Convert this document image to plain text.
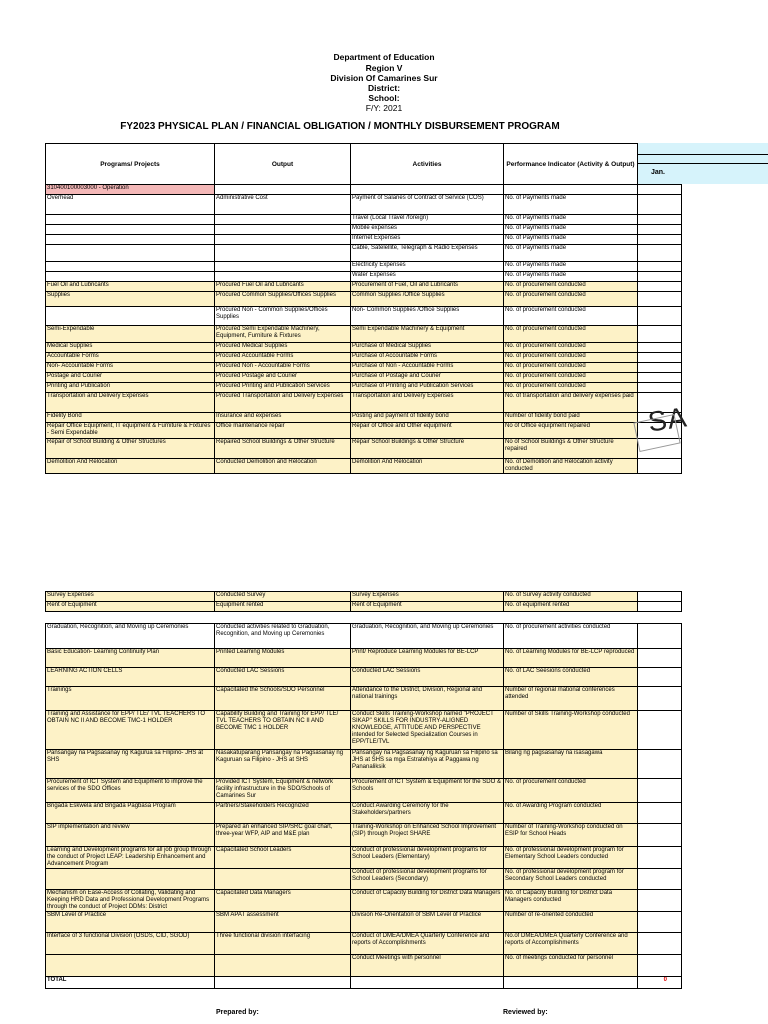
Department of Education
Region V
Division Of Camarines Sur
District:
School:
F/Y: 2021
FY2023 PHYSICAL PLAN / FINANCIAL OBLIGATION / MONTHLY DISBURSEMENT PROGRAM
Jan.
Programs/ Projects	Output	Activities	Performance Indicator (Activity & Output)	
310400100003000 - Operation				
Overhead	Administrative Cost	Payment of Salaries of Contract of Service (COS)	No. of Payments made	
		Travel (Local Travel /foreign)	No. of Payments made	
		Mobile expenses	No. of Payments made	
		Internet Expenses	No. of Payments made	
		Cable, Satelellite, Telegraph & Radio Expenses	No. of Payments made	
		Electricity Expenses	No. of Payments made	
		Water Expenses	No. of Payments made	
Fuel Oil and Lubricants	Procured Fuel Oil and Lubricants	Procurement of Fuel, Oil and Lubricants	No. of procurement conducted	
Supplies	Procured Common Supplies/Offices Supplies	Common Supplies /Office Supplies	No. of procurement conducted	
	Procured Non - Common Supplies/Offices Supplies	Non- Common Supplies /Office Supplies	No. of procurement conducted	
Semi-Expendable	Procured Semi Expendable Machinery, Equipment, Furniture & Fixtures	Semi Expendable Machinery & Equipment	No. of procurement conducted	
Medical Supplies	Procured Medical Supplies	Purchase of Medical Supplies	No. of procurement conducted	
Accountable Forms	Procured Accountable Forms	Purchase of Accountable Forms	No. of procurement conducted	
Non- Accountable Forms	Procured Non - Accountable Forms	Purchase of Non - Accountable Forms	No. of procurement conducted	
Postage and Courier	Procured Postage and Courier	Purchase of Postage and Courier	No. of procurement conducted	
Printing and Publication	Procured Printing and Publication Services	Purchase of Printing and Publication Services	No. of procurement conducted	
Transportation and Delivery Expenses	Procured Transportation and Delivery Expenses	Transportation and Delivery Expenses	No. of transportation and delivery expenses paid	
Fidelity Bond	Insurance and expenses	Posting and payment of fidelity bond	Number of fidelity bond paid	
Repair Office Equipment, IT equipment & Furniture & Fixtures - Semi Expendable	Office maintenance repair	Repair of Office and Other equipment	No of Office equipment repaired	
Repair of School Building & Other Structures	Repaired School Buildings & Other Structure	Repair School Buildings & Other Structure	No of School Buildings & Other Structure repaired	
Demolition And Relocation	Conducted Demolition and Relocation	Demolition And Relocation	No. of Demolition and Relocation activity conducted	
SA
Survey Expenses	Conducted Survey	Survey Expenses	No. of Survey activity conducted	
Rent of Equipment	Equipment rented	Rent of Equipment	No. of equipment rented	
Graduation, Recognition, and Moving up Ceremonies	Conducted activities related to Graduation, Recognition, and Moving up Ceremonies	Graduation, Recognition, and Moving up Ceremonies	No. of procurement activities conducted	
Basic Education- Learning Continuity Plan	Printed Learning Modules	Print/ Reproduce Learning Modules for BE-LCP	No. of Learning Modules for BE-LCP reproduced	
LEARNING ACTION CELLS	Conducted LAC Sessions	Conducted LAC Sessions	No. of LAC Seesions conducted	
Trainings	Capacitated the Schools/SDO Personnel	Attendance to the District, Division, Regional and national trainings	Number of regional /national conferences attended	
Training and Assistance for EPP/ TLE/ TVL TEACHERS TO OBTAIN NC II AND BECOME TMC-1 HOLDER	Capability Building and Training for EPP/ TLE/ TVL TEACHERS TO OBTAIN NC II AND BECOME TMC 1 HOLDER	Conduct Skills Training-Workshop named "PROJECT SIKAP" SKILLS FOR INDUSTRY-ALIGNED KNOWLEDGE, ATTITUDE AND PERSPECTIVE intended for Selected Specialization Courses in EPP/TLE/TVL	Number of Skills Training-Workshop conducted	
Pansangay na Pagsasanay ng Kagurua sa Filipino- JHS at SHS	Nasakatuparang Pansangay na Pagsasanay ng Kaguruan sa Filipino - JHS at SHS	Pansangay na Pagsasanay ng Kaguruan sa Filipino sa JHS at SHS sa mga Estratehiya at Paggawa ng Pananaliksik	Bilang ng pagsasanay na isasagawa	
Procurement of ICT System and Equipment to improve the services of the SDO Offices	Provided ICT System, Equipment & network facility infrastructure in the SDO/Schools of Camarines Sur	Procurement of ICT System & Equipment for the SDO & Schools	No. of procurement conducted	
Brigada Eskwela and Brigada Pagbasa Program	Partners/Stakeholders Recognized	Conduct Awarding Ceremony for the Stakeholders/partners	No. of Awarding Program conducted	
SIP implementation and review	Prepared an enhanced SIP/SRC goal chart, three-year WFP, AIP and M&E plan	Training-Workshop on Enhanced School Improvement (SIP) through Project SHARE	Number of Training-Workshop conducted on ESIP for School Heads	
Learning and Development programs for all job group through the conduct of Project LEAP: Leadership Enhancement and Advancement Program	Capacitated School Leaders	Conduct of professional development programs for School Leaders (Elementary)	No. of professional development program for Elementary School Leaders conducted	
		Conduct of professional development programs for School Leaders (Secondary)	No. of professional development program for Secondary School Leaders conducted	
Mechanism on Ease-Access of Collating, Validating and Keeping HRD Data and Professional Development Programs through the conduct of Project DDMs: District	Capacitated Data Managers	Conduct of Capacity Building for District Data Managers	No. of Capacity Building for District Data Managers conducted	
SBM Level of Practice	SBM APAT assessment	Division Re-Orientation of SBM Level of Practice	Number of re-oriented conducted	
Interface of 3 functional Division (OSDS, CID, SGOD)	Three functional division interfacing	Conduct of DMEA/DMEA Quarterly Conference and reports of Accomplishments	No.of DMEA/DMEA Quarterly Conference and reports of Accomplishments	
		Conduct Meetings with personnel	No. of meetings conducted for personnel	
TOTAL				0
Prepared by:	Reviewed by:
